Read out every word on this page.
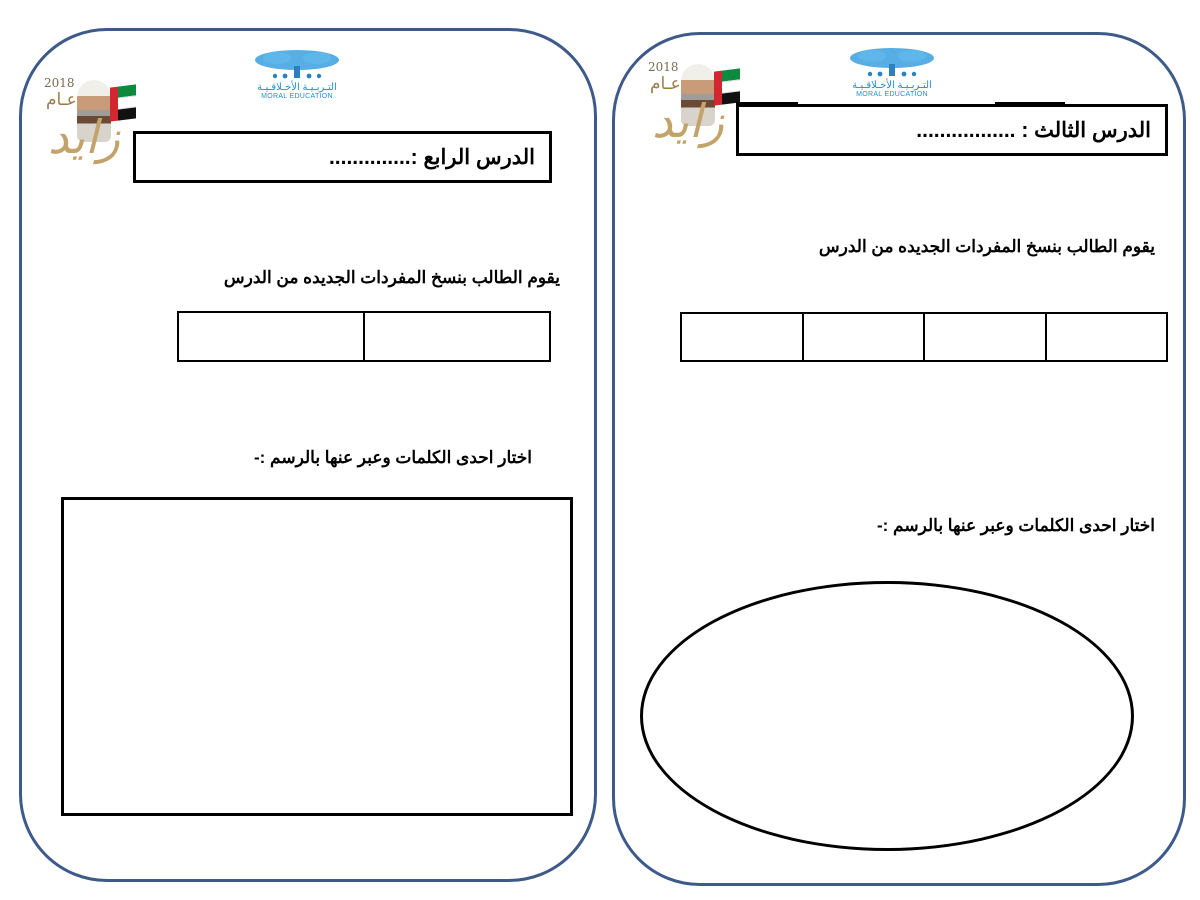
التـربـيـة الأخـلاقـيـة
MORAL EDUCATION
2018
عـام
زايد	الدرس الرابع :..............
يقوم الطالب بنسخ المفردات الجديده من الدرس
اختار احدى الكلمات وعبر عنها بالرسم :-
التـربـيـة الأخـلاقـيـة
MORAL EDUCATION
2018
عـام
زايد	الدرس الثالث : .................
يقوم الطالب بنسخ المفردات الجديده من الدرس
اختار احدى الكلمات وعبر عنها بالرسم :-
